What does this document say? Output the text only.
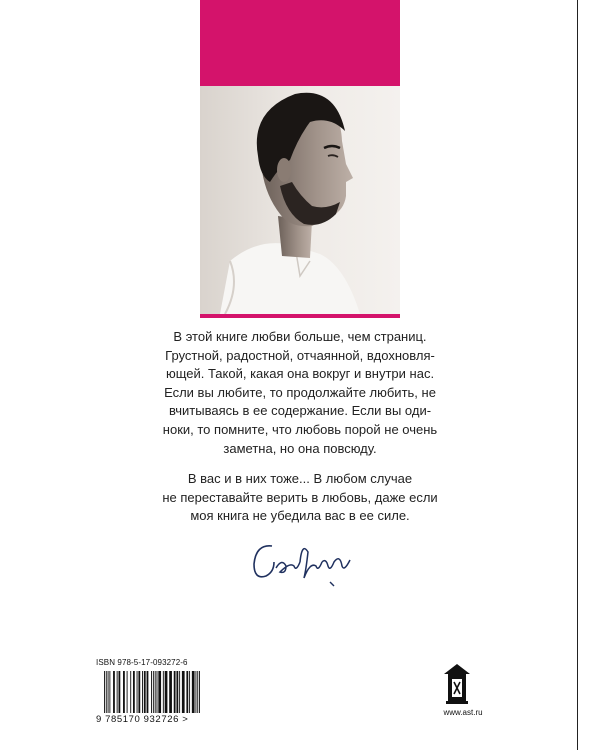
В этой книге любви больше, чем страниц.
Грустной, радостной, отчаянной, вдохновля-
ющей. Такой, какая она вокруг и внутри нас.
Если вы любите, то продолжайте любить, не
вчитываясь в ее содержание. Если вы оди-
ноки, то помните, что любовь порой не очень
заметна, но она повсюду.

В вас и в них тоже... В любом случае
не переставайте верить в любовь, даже если
моя книга не убедила вас в ее силе.

ISBN 978-5-17-093272-6
9 785170 932726 >
www.ast.ru
